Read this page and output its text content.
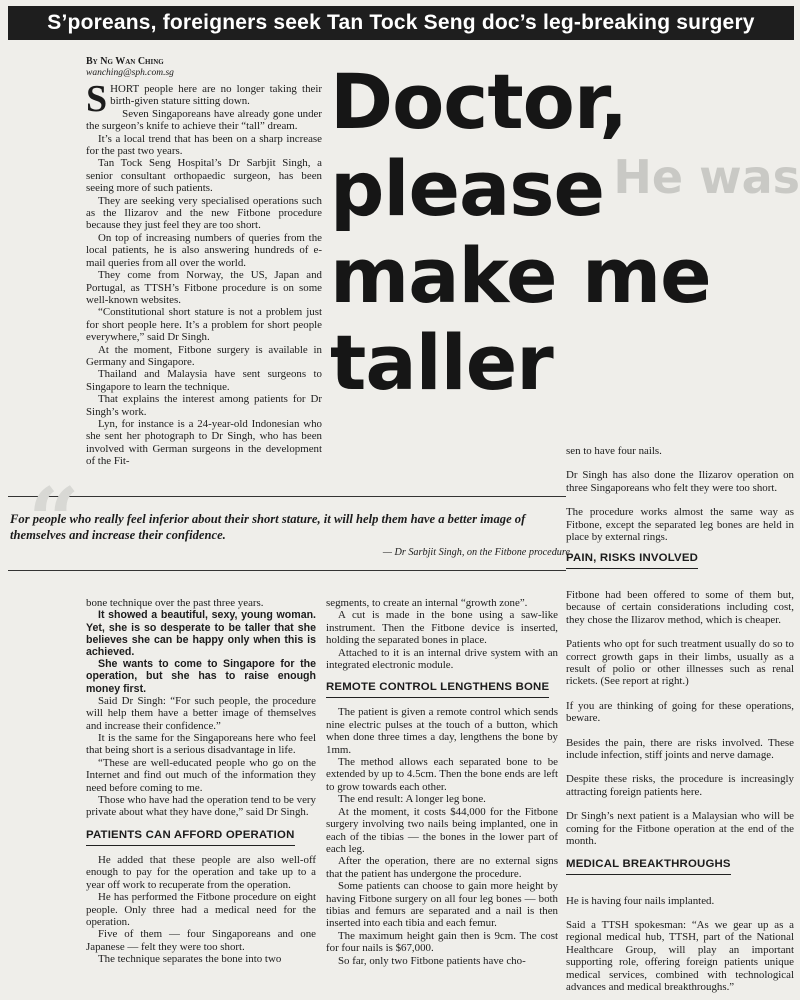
S’poreans, foreigners seek Tan Tock Seng doc’s leg-breaking surgery
He was
Doctor,
please
make me
taller
By Ng Wan Ching
wanching@sph.com.sg

SHORT people here are no longer taking their birth-given stature sitting down.

Seven Singaporeans have already gone under the surgeon’s knife to achieve their “tall” dream.

It’s a local trend that has been on a sharp increase for the past two years.

Tan Tock Seng Hospital’s Dr Sarbjit Singh, a senior consultant orthopaedic surgeon, has been seeing more of such patients.

They are seeking very specialised operations such as the Ilizarov and the new Fitbone procedure because they just feel they are too short.

On top of increasing numbers of queries from the local patients, he is also answering hundreds of e-mail queries from all over the world.

They come from Norway, the US, Japan and Portugal, as TTSH’s Fitbone procedure is on some well-known websites.

“Constitutional short stature is not a problem just for short people here. It’s a problem for short people everywhere,” said Dr Singh.

At the moment, Fitbone surgery is available in Germany and Singapore.

Thailand and Malaysia have sent surgeons to Singapore to learn the technique.

That explains the interest among patients for Dr Singh’s work.

Lyn, for instance is a 24-year-old Indonesian who she sent her photograph to Dr Singh, who has been involved with German surgeons in the development of the Fit-

sen to have four nails.

Dr Singh has also done the Ilizarov operation on three Singaporeans who felt they were too short.

The procedure works almost the same way as Fitbone, except the separated leg bones are held in place by external rings.

“
For people who really feel inferior about their short stature, it will help them have a better image of themselves and increase their confidence.
— Dr Sarbjit Singh, on the Fitbone procedure

bone technique over the past three years.

It showed a beautiful, sexy, young woman. Yet, she is so desperate to be taller that she believes she can be happy only when this is achieved.

She wants to come to Singapore for the operation, but she has to raise enough money first.

Said Dr Singh: “For such people, the procedure will help them have a better image of themselves and increase their confidence.”

It is the same for the Singaporeans here who feel that being short is a serious disadvantage in life.

“These are well-educated people who go on the Internet and find out much of the information they need before coming to me.

Those who have had the operation tend to be very private about what they have done,” said Dr Singh.

PATIENTS CAN AFFORD OPERATION

He added that these people are also well-off enough to pay for the operation and take up to a year off work to recuperate from the operation.

He has performed the Fitbone procedure on eight people. Only three had a medical need for the operation.

Five of them — four Singaporeans and one Japanese — felt they were too short.

The technique separates the bone into two

segments, to create an internal “growth zone”.

A cut is made in the bone using a saw-like instrument. Then the Fitbone device is inserted, holding the separated bones in place.

Attached to it is an internal drive system with an integrated electronic module.

REMOTE CONTROL LENGTHENS BONE

The patient is given a remote control which sends nine electric pulses at the touch of a button, which when done three times a day, lengthens the bone by 1mm.

The method allows each separated bone to be extended by up to 4.5cm. Then the bone ends are left to grow towards each other.

The end result: A longer leg bone.

At the moment, it costs $44,000 for the Fitbone surgery involving two nails being implanted, one in each of the tibias — the bones in the lower part of each leg.

After the operation, there are no external signs that the patient has undergone the procedure.

Some patients can choose to gain more height by having Fitbone surgery on all four leg bones — both tibias and femurs are separated and a nail is then inserted into each tibia and each femur.

The maximum height gain then is 9cm. The cost for four nails is $67,000.

So far, only two Fitbone patients have cho-

PAIN, RISKS INVOLVED

Fitbone had been offered to some of them but, because of certain considerations including cost, they chose the Ilizarov method, which is cheaper.

Patients who opt for such treatment usually do so to correct growth gaps in their limbs, usually as a result of polio or other illnesses such as renal rickets. (See report at right.)

If you are thinking of going for these operations, beware.

Besides the pain, there are risks involved. These include infection, stiff joints and nerve damage.

Despite these risks, the procedure is increasingly attracting foreign patients here.

Dr Singh’s next patient is a Malaysian who will be coming for the Fitbone operation at the end of the month.

MEDICAL BREAKTHROUGHS

He is having four nails implanted.

Said a TTSH spokesman: “As we gear up as a regional medical hub, TTSH, part of the National Healthcare Group, will play an important supporting role, offering foreign patients unique medical services, combined with technological advances and medical breakthroughs.”
